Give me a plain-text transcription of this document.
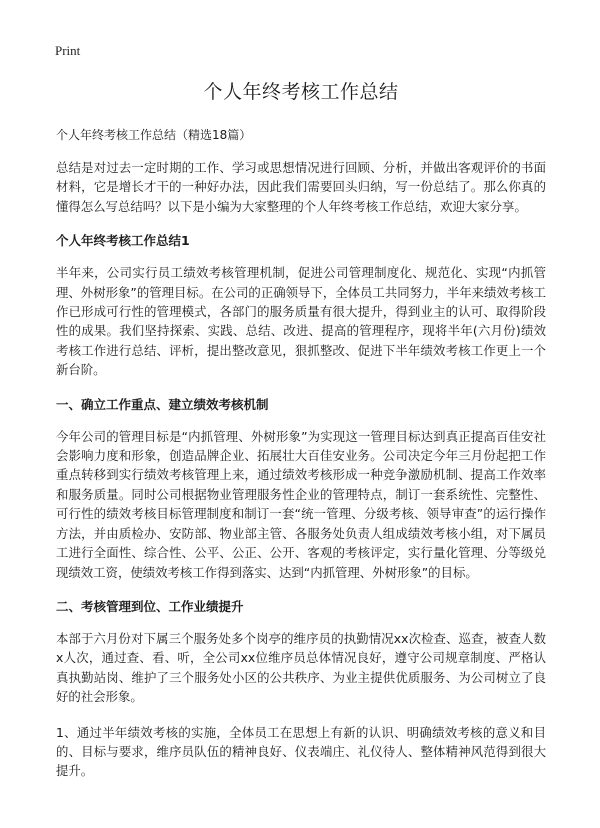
Print
个人年终考核工作总结
个人年终考核工作总结（精选18篇）

总结是对过去一定时期的工作、学习或思想情况进行回顾、分析，并做出客观评价的书面材料，它是增长才干的一种好办法，因此我们需要回头归纳，写一份总结了。那么你真的懂得怎么写总结吗？以下是小编为大家整理的个人年终考核工作总结，欢迎大家分享。

个人年终考核工作总结1

半年来，公司实行员工绩效考核管理机制，促进公司管理制度化、规范化、实现“内抓管理、外树形象”的管理目标。在公司的正确领导下，全体员工共同努力，半年来绩效考核工作已形成可行性的管理模式，各部门的服务质量有很大提升，得到业主的认可、取得阶段性的成果。我们坚持探索、实践、总结、改进、提高的管理程序，现将半年(六月份)绩效考核工作进行总结、评析，提出整改意见，狠抓整改、促进下半年绩效考核工作更上一个新台阶。

一、确立工作重点、建立绩效考核机制

今年公司的管理目标是“内抓管理、外树形象”为实现这一管理目标达到真正提高百佳安社会影响力度和形象，创造品牌企业、拓展壮大百佳安业务。公司决定今年三月份起把工作重点转移到实行绩效考核管理上来，通过绩效考核形成一种竞争激励机制、提高工作效率和服务质量。同时公司根据物业管理服务性企业的管理特点，制订一套系统性、完整性、可行性的绩效考核目标管理制度和制订一套“统一管理、分级考核、领导审查”的运行操作方法，并由质检办、安防部、物业部主管、各服务处负责人组成绩效考核小组，对下属员工进行全面性、综合性、公平、公正、公开、客观的考核评定，实行量化管理、分等级兑现绩效工资，使绩效考核工作得到落实、达到“内抓管理、外树形象”的目标。

二、考核管理到位、工作业绩提升

本部于六月份对下属三个服务处多个岗亭的维序员的执勤情况xx次检查、巡查，被查人数x人次，通过查、看、听，全公司xx位维序员总体情况良好，遵守公司规章制度、严格认真执勤站岗、维护了三个服务处小区的公共秩序、为业主提供优质服务、为公司树立了良好的社会形象。

1、通过半年绩效考核的实施，全体员工在思想上有新的认识、明确绩效考核的意义和目的、目标与要求，维序员队伍的精神良好、仪表端庄、礼仪待人、整体精神风范得到很大提升。
